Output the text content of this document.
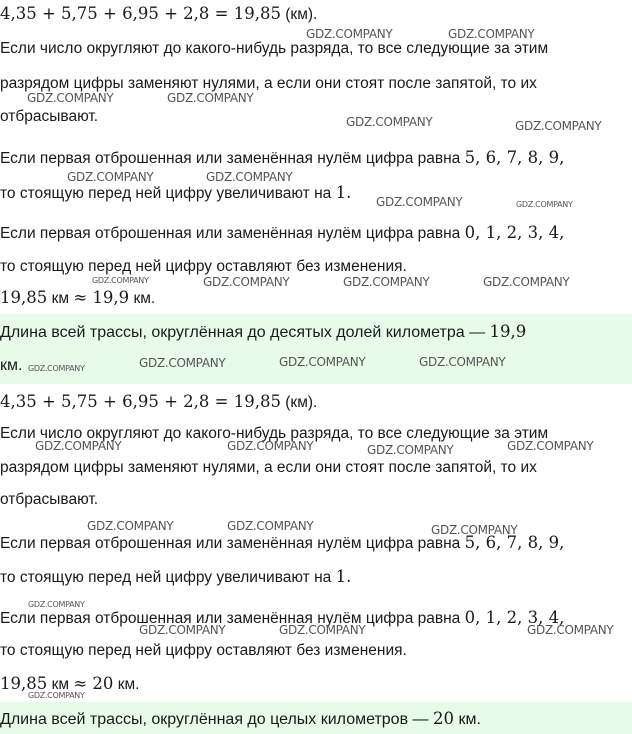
4,35 + 5,75 + 6,95 + 2,8 = 19,85 (км).
Если число округляют до какого-нибудь разряда, то все следующие за этим
разрядом цифры заменяют нулями, а если они стоят после запятой, то их
отбрасывают.
Если первая отброшенная или заменённая нулём цифра равна 5, 6, 7, 8, 9,
то стоящую перед ней цифру увеличивают на 1.
Если первая отброшенная или заменённая нулём цифра равна 0, 1, 2, 3, 4,
то стоящую перед ней цифру оставляют без изменения.
19,85 км ≈ 19,9 км.
Длина всей трассы, округлённая до десятых долей километра — 19,9
км.
4,35 + 5,75 + 6,95 + 2,8 = 19,85 (км).
Если число округляют до какого-нибудь разряда, то все следующие за этим
разрядом цифры заменяют нулями, а если они стоят после запятой, то их
отбрасывают.
Если первая отброшенная или заменённая нулём цифра равна 5, 6, 7, 8, 9,
то стоящую перед ней цифру увеличивают на 1.
Если первая отброшенная или заменённая нулём цифра равна 0, 1, 2, 3, 4,
то стоящую перед ней цифру оставляют без изменения.
19,85 км ≈ 20 км.
Длина всей трассы, округлённая до целых километров — 20 км.
GDZ.COMPANY	GDZ.COMPANY
GDZ.COMPANY	GDZ.COMPANY
GDZ.COMPANY	GDZ.COMPANY
GDZ.COMPANY	GDZ.COMPANY
GDZ.COMPANY	GDZ.COMPANY
GDZ.COMPANY	GDZ.COMPANY	GDZ.COMPANY	GDZ.COMPANY
GDZ.COMPANY	GDZ.COMPANY	GDZ.COMPANY	GDZ.COMPANY
GDZ.COMPANY	GDZ.COMPANY	GDZ.COMPANY	GDZ.COMPANY
GDZ.COMPANY	GDZ.COMPANY	GDZ.COMPANY
GDZ.COMPANY
GDZ.COMPANY	GDZ.COMPANY	GDZ.COMPANY
GDZ.COMPANY
